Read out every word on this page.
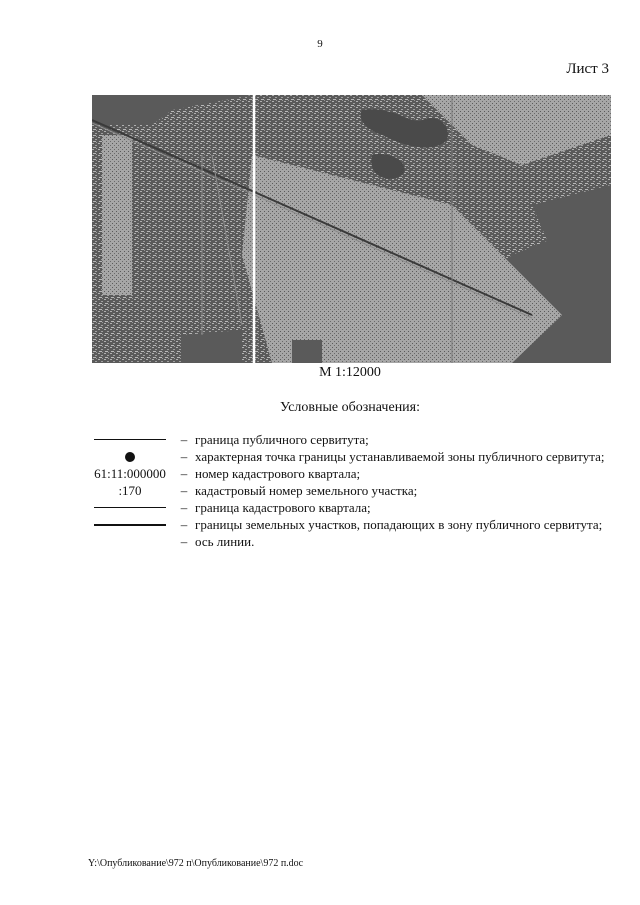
9
Лист 3
М 1:12000
Условные обозначения:
– граница публичного сервитута;
– характерная точка границы устанавливаемой зоны публичного сервитута;
61:11:000000	– номер кадастрового квартала;
:170	– кадастровый номер земельного участка;
– граница кадастрового квартала;
– границы земельных участков, попадающих в зону публичного сервитута;
– ось линии.
Y:\Опубликование\972 п\Опубликование\972 п.doc
